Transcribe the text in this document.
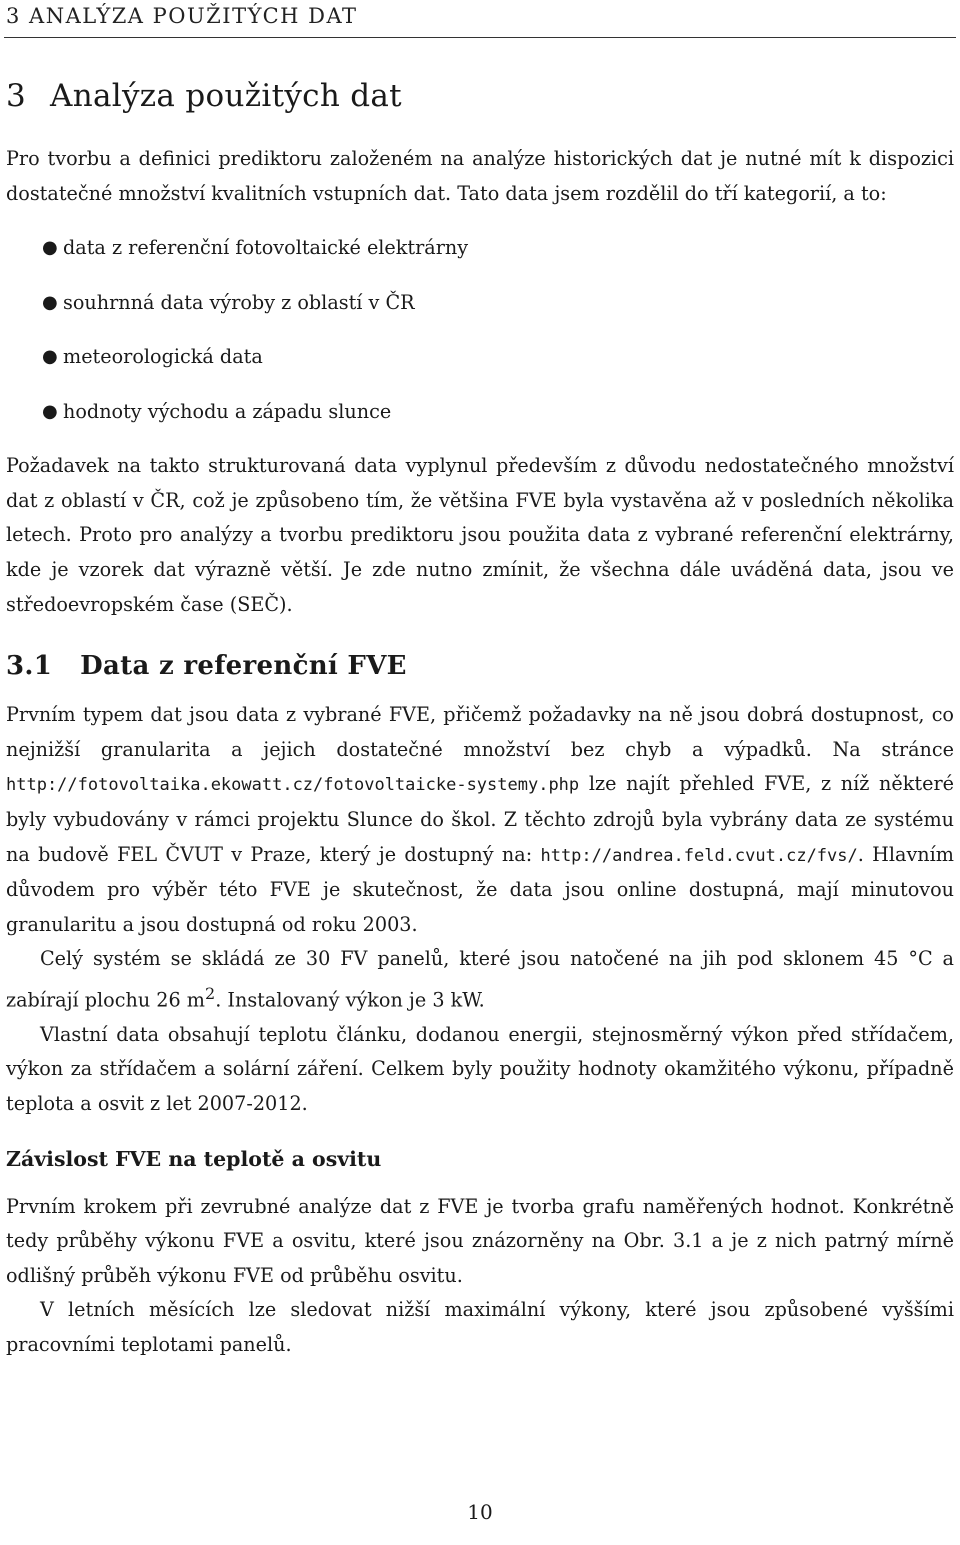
3 ANALÝZA POUŽITÝCH DAT
3 Analýza použitých dat

Pro tvorbu a definici prediktoru založeném na analýze historických dat je nutné mít k dispozici dostatečné množství kvalitních vstupních dat. Tato data jsem rozdělil do tří kategorií, a to:

● data z referenční fotovoltaické elektrárny
● souhrnná data výroby z oblastí v ČR
● meteorologická data
● hodnoty východu a západu slunce

Požadavek na takto strukturovaná data vyplynul především z důvodu nedostatečného množství dat z oblastí v ČR, což je způsobeno tím, že většina FVE byla vystavěna až v posledních několika letech. Proto pro analýzy a tvorbu prediktoru jsou použita data z vybrané referenční elektrárny, kde je vzorek dat výrazně větší. Je zde nutno zmínit, že všechna dále uváděná data, jsou ve středoevropském čase (SEČ).

3.1 Data z referenční FVE

Prvním typem dat jsou data z vybrané FVE, přičemž požadavky na ně jsou dobrá dostupnost, co nejnižší granularita a jejich dostatečné množství bez chyb a výpadků. Na stránce http://fotovoltaika.ekowatt.cz/fotovoltaicke-systemy.php lze najít přehled FVE, z níž některé byly vybudovány v rámci projektu Slunce do škol. Z těchto zdrojů byla vybrány data ze systému na budově FEL ČVUT v Praze, který je dostupný na: http://andrea.feld.cvut.cz/fvs/. Hlavním důvodem pro výběr této FVE je skutečnost, že data jsou online dostupná, mají minutovou granularitu a jsou dostupná od roku 2003.

Celý systém se skládá ze 30 FV panelů, které jsou natočené na jih pod sklonem 45 °C a zabírají plochu 26 $m^2$. Instalovaný výkon je 3 kW.

Vlastní data obsahují teplotu článku, dodanou energii, stejnosměrný výkon před střídačem, výkon za střídačem a solární záření. Celkem byly použity hodnoty okamžitého výkonu, případně teplota a osvit z let 2007-2012.

Závislost FVE na teplotě a osvitu

Prvním krokem při zevrubné analýze dat z FVE je tvorba grafu naměřených hodnot. Konkrétně tedy průběhy výkonu FVE a osvitu, které jsou znázorněny na Obr. 3.1 a je z nich patrný mírně odlišný průběh výkonu FVE od průběhu osvitu.

V letních měsících lze sledovat nižší maximální výkony, které jsou způsobené vyššími pracovními teplotami panelů.

10
